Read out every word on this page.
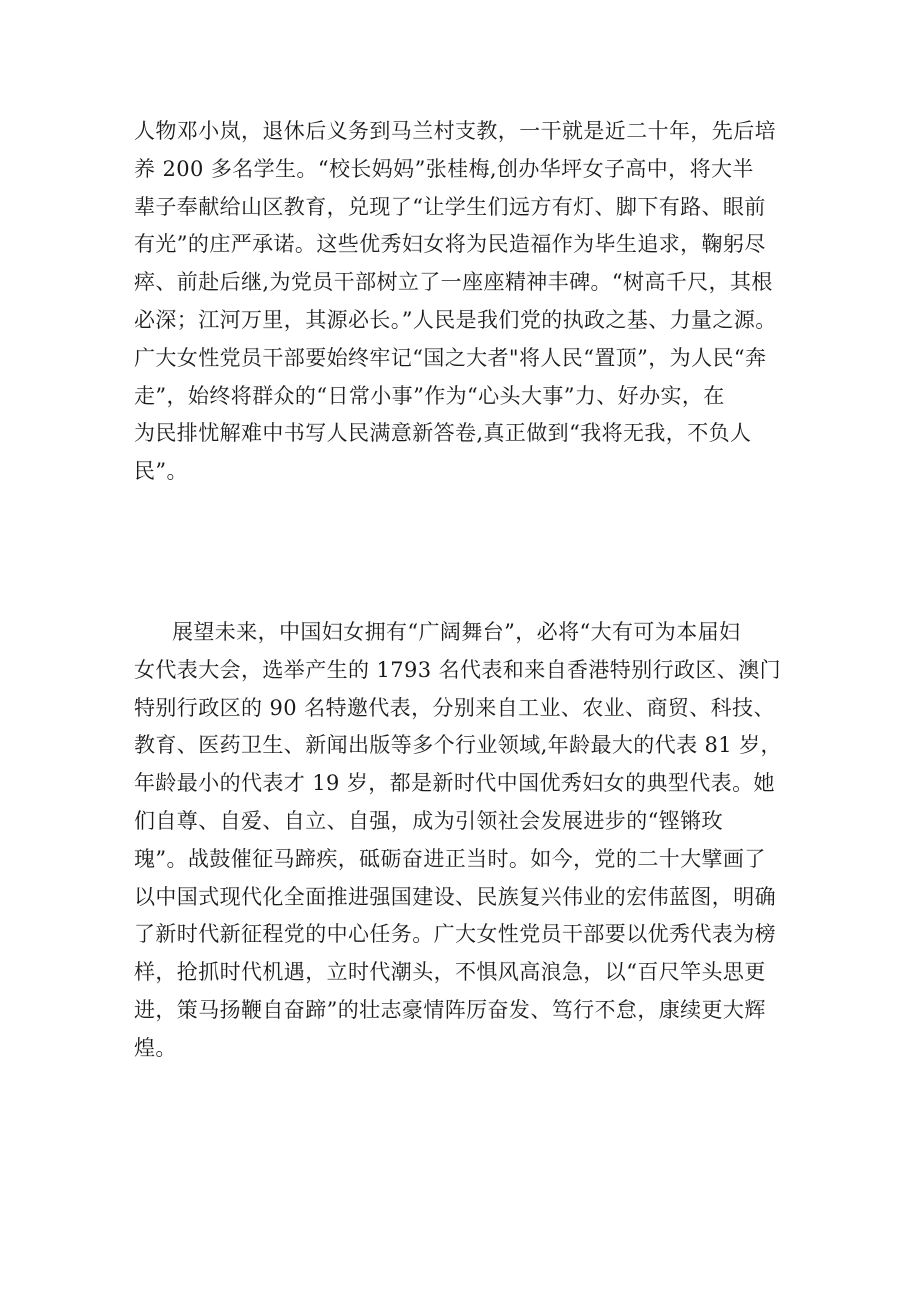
人物邓小岚，退休后义务到马兰村支教，一干就是近二十年，先后培
养 200 多名学生。“校长妈妈”张桂梅,创办华坪女子高中，将大半
辈子奉献给山区教育，兑现了“让学生们远方有灯、脚下有路、眼前
有光”的庄严承诺。这些优秀妇女将为民造福作为毕生追求，鞠躬尽
瘁、前赴后继,为党员干部树立了一座座精神丰碑。“树高千尺，其根
必深；江河万里，其源必长。”人民是我们党的执政之基、力量之源。
广大女性党员干部要始终牢记“国之大者"将人民“置顶”，为人民“奔
走”，始终将群众的“日常小事”作为“心头大事”力、好办实，在
为民排忧解难中书写人民满意新答卷,真正做到“我将无我，不负人
民”。
展望未来，中国妇女拥有“广阔舞台”，必将“大有可为本届妇
女代表大会，选举产生的 1793 名代表和来自香港特别行政区、澳门
特别行政区的 90 名特邀代表，分别来自工业、农业、商贸、科技、
教育、医药卫生、新闻出版等多个行业领域,年龄最大的代表 81 岁，
年龄最小的代表才 19 岁，都是新时代中国优秀妇女的典型代表。她
们自尊、自爱、自立、自强，成为引领社会发展进步的“铿锵玫
瑰”。战鼓催征马蹄疾，砥砺奋进正当时。如今，党的二十大擘画了
以中国式现代化全面推进强国建设、民族复兴伟业的宏伟蓝图，明确
了新时代新征程党的中心任务。广大女性党员干部要以优秀代表为榜
样，抢抓时代机遇，立时代潮头，不惧风高浪急，以“百尺竿头思更
进，策马扬鞭自奋蹄”的壮志豪情阵厉奋发、笃行不怠，康续更大辉
煌。
